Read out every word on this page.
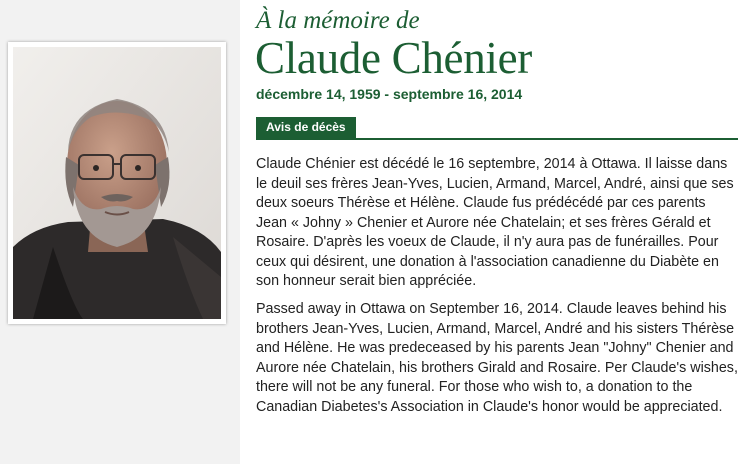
À la mémoire de
Claude Chénier
décembre 14, 1959 - septembre 16, 2014
Avis de décès

Claude Chénier est décédé le 16 septembre, 2014 à Ottawa. Il laisse dans le deuil ses frères Jean-Yves, Lucien, Armand, Marcel, André, ainsi que ses deux soeurs Thérèse et Hélène. Claude fus prédécédé par ces parents Jean « Johny » Chenier et Aurore née Chatelain; et ses frères Gérald et Rosaire. D'après les voeux de Claude, il n'y aura pas de funérailles. Pour ceux qui désirent, une donation à l'association canadienne du Diabète en son honneur serait bien appréciée.

Passed away in Ottawa on September 16, 2014. Claude leaves behind his brothers Jean-Yves, Lucien, Armand, Marcel, André and his sisters Thérèse and Hélène. He was predeceased by his parents Jean "Johny" Chenier and Aurore née Chatelain, his brothers Girald and Rosaire. Per Claude's wishes, there will not be any funeral. For those who wish to, a donation to the Canadian Diabetes's Association in Claude's honor would be appreciated.
